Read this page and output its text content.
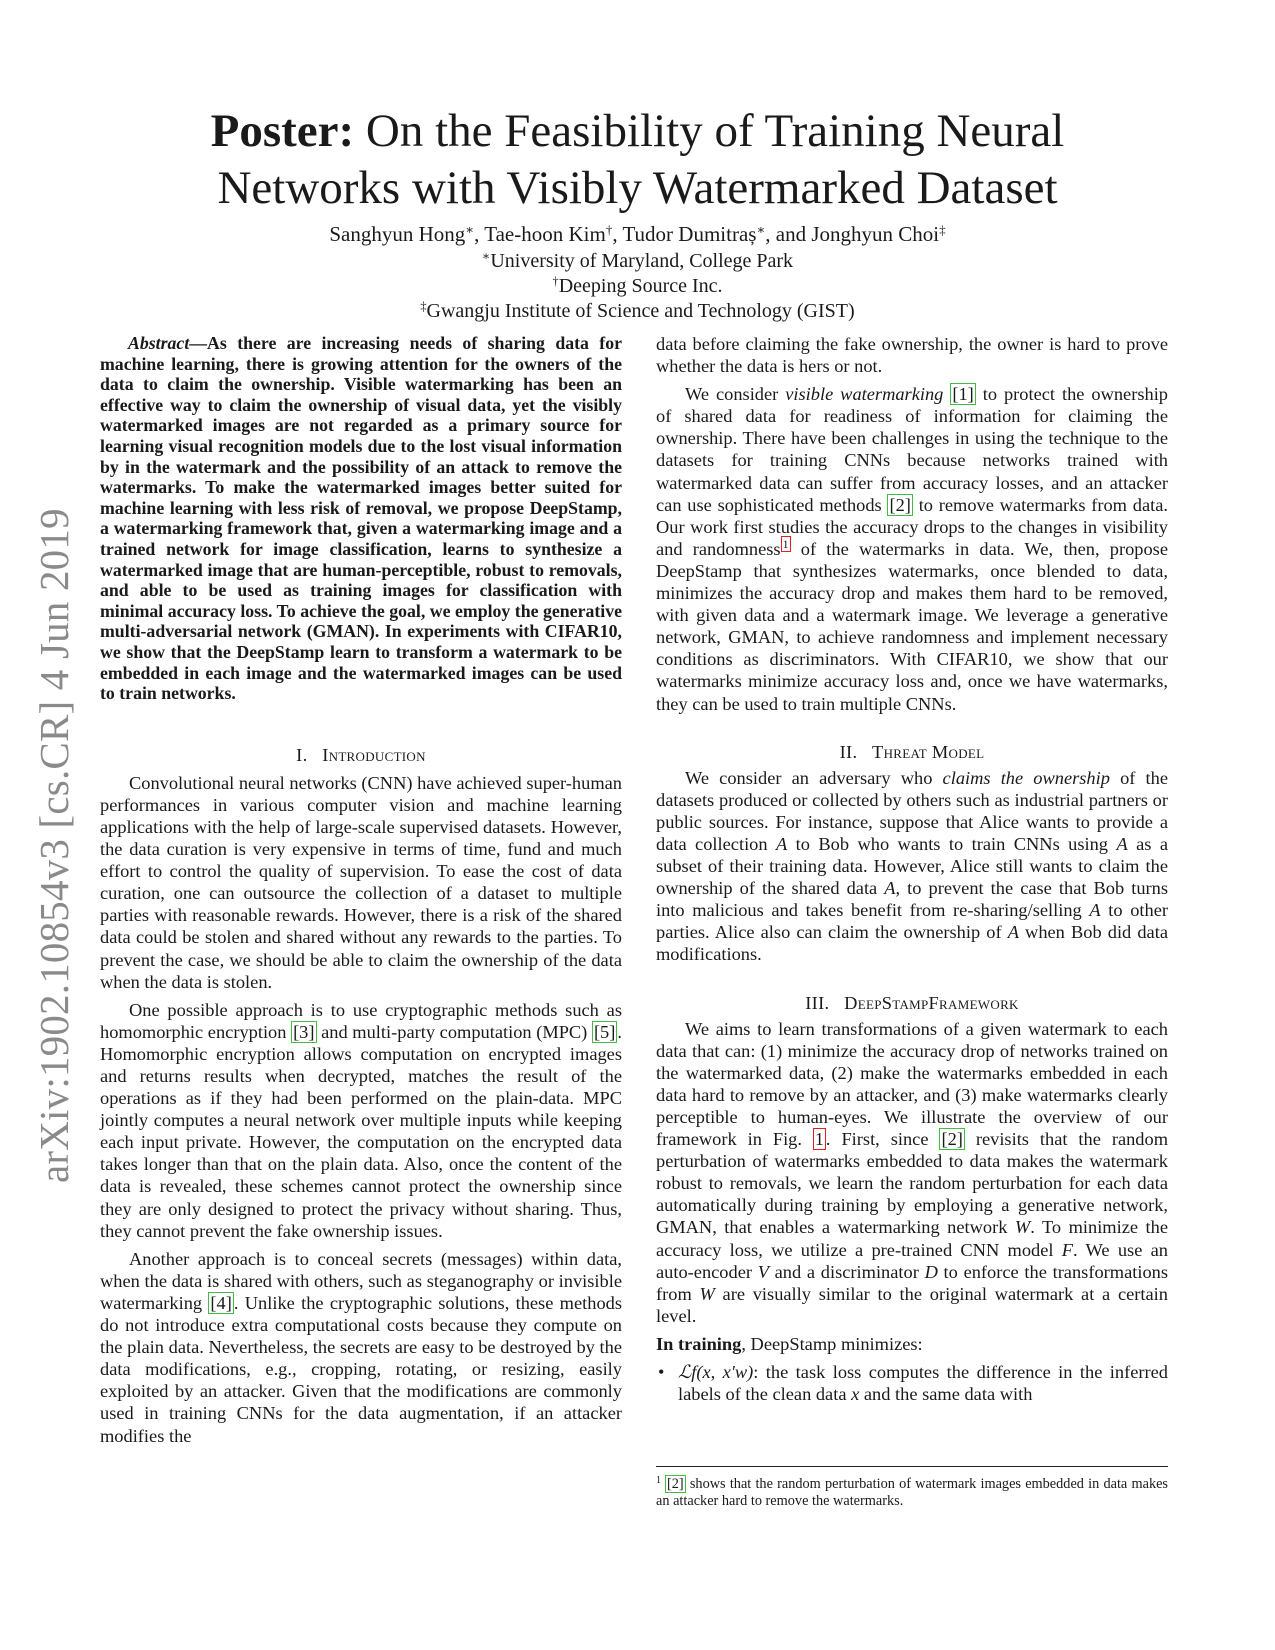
arXiv:1902.10854v3 [cs.CR] 4 Jun 2019
Poster: On the Feasibility of Training Neural
Networks with Visibly Watermarked Dataset
Sanghyun Hong∗, Tae-hoon Kim†, Tudor Dumitraș∗, and Jonghyun Choi‡
∗University of Maryland, College Park
†Deeping Source Inc.
‡Gwangju Institute of Science and Technology (GIST)

Abstract—As there are increasing needs of sharing data for machine learning, there is growing attention for the owners of the data to claim the ownership. Visible watermarking has been an effective way to claim the ownership of visual data, yet the visibly watermarked images are not regarded as a primary source for learning visual recognition models due to the lost visual information by in the watermark and the possibility of an attack to remove the watermarks. To make the watermarked images better suited for machine learning with less risk of removal, we propose DeepStamp, a watermarking framework that, given a watermarking image and a trained network for image classification, learns to synthesize a watermarked image that are human-perceptible, robust to removals, and able to be used as training images for classification with minimal accuracy loss. To achieve the goal, we employ the generative multi-adversarial network (GMAN). In experiments with CIFAR10, we show that the DeepStamp learn to transform a watermark to be embedded in each image and the watermarked images can be used to train networks.

I. Introduction

Convolutional neural networks (CNN) have achieved super-human performances in various computer vision and machine learning applications with the help of large-scale supervised datasets. However, the data curation is very expensive in terms of time, fund and much effort to control the quality of supervision. To ease the cost of data curation, one can outsource the collection of a dataset to multiple parties with reasonable rewards. However, there is a risk of the shared data could be stolen and shared without any rewards to the parties. To prevent the case, we should be able to claim the ownership of the data when the data is stolen.

One possible approach is to use cryptographic methods such as homomorphic encryption [3] and multi-party computation (MPC) [5] . Homomorphic encryption allows computation on encrypted images and returns results when decrypted, matches the result of the operations as if they had been performed on the plain-data. MPC jointly computes a neural network over multiple inputs while keeping each input private. However, the computation on the encrypted data takes longer than that on the plain data. Also, once the content of the data is revealed, these schemes cannot protect the ownership since they are only designed to protect the privacy without sharing. Thus, they cannot prevent the fake ownership issues.

Another approach is to conceal secrets (messages) within data, when the data is shared with others, such as steganography or invisible watermarking [4] . Unlike the cryptographic solutions, these methods do not introduce extra computational costs because they compute on the plain data. Nevertheless, the secrets are easy to be destroyed by the data modifications, e.g., cropping, rotating, or resizing, easily exploited by an attacker. Given that the modifications are commonly used in training CNNs for the data augmentation, if an attacker modifies the

data before claiming the fake ownership, the owner is hard to prove whether the data is hers or not.

We consider visible watermarking [1] to protect the ownership of shared data for readiness of information for claiming the ownership. There have been challenges in using the technique to the datasets for training CNNs because networks trained with watermarked data can suffer from accuracy losses, and an attacker can use sophisticated methods [2] to remove watermarks from data. Our work first studies the accuracy drops to the changes in visibility and randomness $^1$ of the watermarks in data. We, then, propose DeepStamp that synthesizes watermarks, once blended to data, minimizes the accuracy drop and makes them hard to be removed, with given data and a watermark image. We leverage a generative network, GMAN, to achieve randomness and implement necessary conditions as discriminators. With CIFAR10, we show that our watermarks minimize accuracy loss and, once we have watermarks, they can be used to train multiple CNNs.

II. Threat Model

We consider an adversary who claims the ownership of the datasets produced or collected by others such as industrial partners or public sources. For instance, suppose that Alice wants to provide a data collection A to Bob who wants to train CNNs using A as a subset of their training data. However, Alice still wants to claim the ownership of the shared data A, to prevent the case that Bob turns into malicious and takes benefit from re-sharing/selling A to other parties. Alice also can claim the ownership of A when Bob did data modifications.

III. DeepStampFramework

We aims to learn transformations of a given watermark to each data that can: (1) minimize the accuracy drop of networks trained on the watermarked data, (2) make the watermarks embedded in each data hard to remove by an attacker, and (3) make watermarks clearly perceptible to human-eyes. We illustrate the overview of our framework in Fig. 1 . First, since [2] revisits that the random perturbation of watermarks embedded to data makes the watermark robust to removals, we learn the random perturbation for each data automatically during training by employing a generative network, GMAN, that enables a watermarking network W. To minimize the accuracy loss, we utilize a pre-trained CNN model F. We use an auto-encoder V and a discriminator D to enforce the transformations from W are visually similar to the original watermark at a certain level.

In training, DeepStamp minimizes:

• ℒf(x, x′w): the task loss computes the difference in the inferred labels of the clean data x and the same data with
$^1$ [2] shows that the random perturbation of watermark images embedded in data makes an attacker hard to remove the watermarks.
